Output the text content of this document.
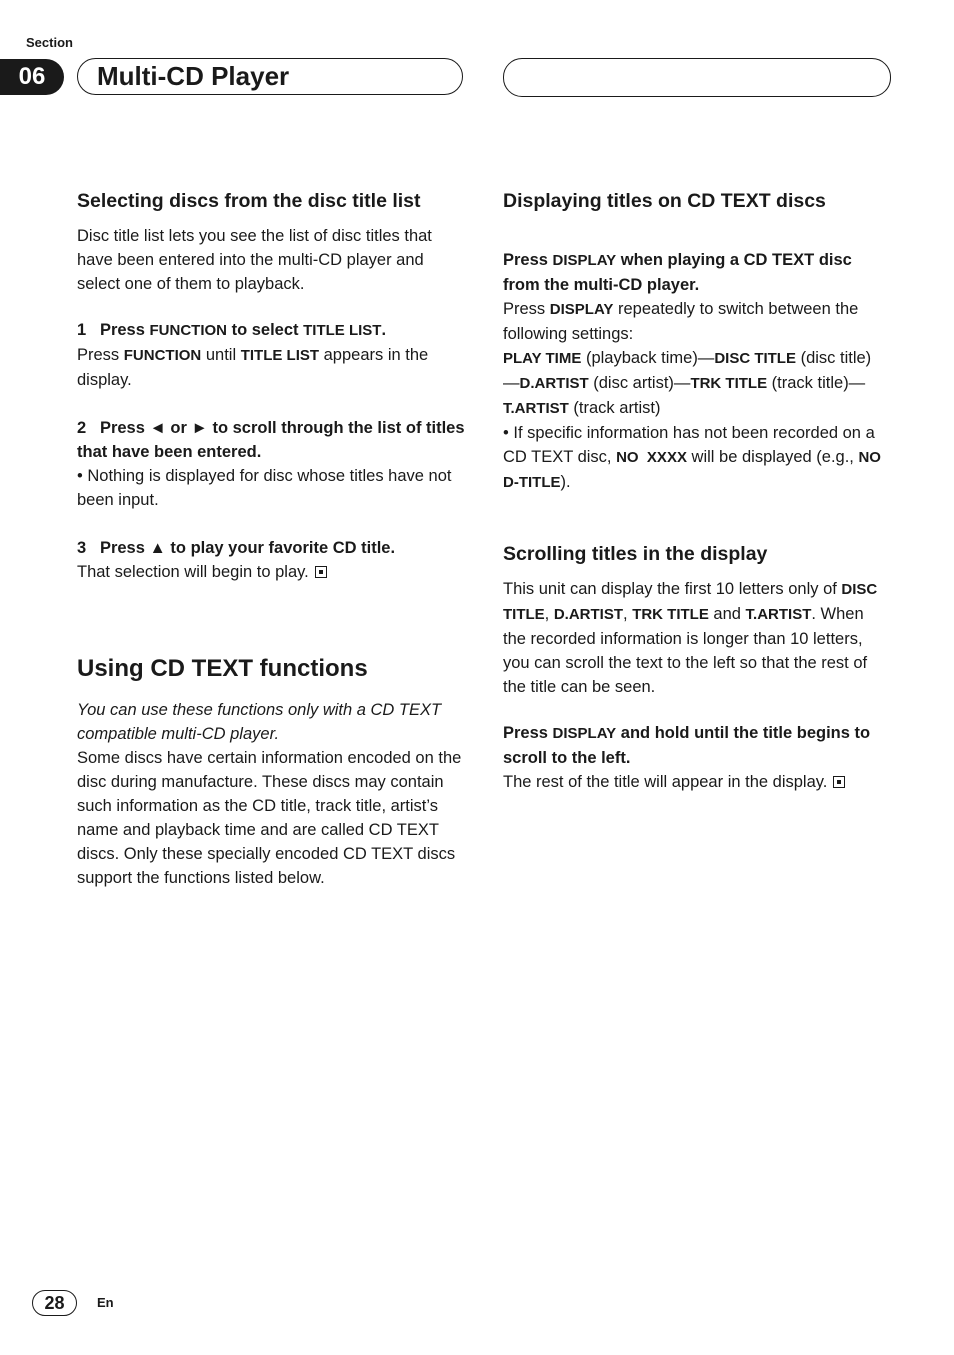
Section
06	Multi-CD Player
Selecting discs from the disc title list

Disc title list lets you see the list of disc titles that have been entered into the multi-CD player and select one of them to playback.

1 Press FUNCTION to select TITLE LIST.

Press FUNCTION until TITLE LIST appears in the display.

2 Press ◄ or ► to scroll through the list of titles that have been entered.

• Nothing is displayed for disc whose titles have not been input.

3 Press ▲ to play your favorite CD title.

That selection will begin to play.

Using CD TEXT functions

You can use these functions only with a CD TEXT compatible multi-CD player.

Some discs have certain information encoded on the disc during manufacture. These discs may contain such information as the CD title, track title, artist’s name and playback time and are called CD TEXT discs. Only these specially encoded CD TEXT discs support the functions listed below.

Displaying titles on CD TEXT discs

Press DISPLAY when playing a CD TEXT disc from the multi-CD player.

Press DISPLAY repeatedly to switch between the following settings:

PLAY TIME (playback time)—DISC TITLE (disc title)—D.ARTIST (disc artist)—TRK TITLE (track title)—T.ARTIST (track artist)

• If specific information has not been recorded on a CD TEXT disc, NO  XXXX will be displayed (e.g., NO D-TITLE).

Scrolling titles in the display

This unit can display the first 10 letters only of DISC TITLE, D.ARTIST, TRK TITLE and T.ARTIST. When the recorded information is longer than 10 letters, you can scroll the text to the left so that the rest of the title can be seen.

Press DISPLAY and hold until the title begins to scroll to the left.

The rest of the title will appear in the display.

28	En
